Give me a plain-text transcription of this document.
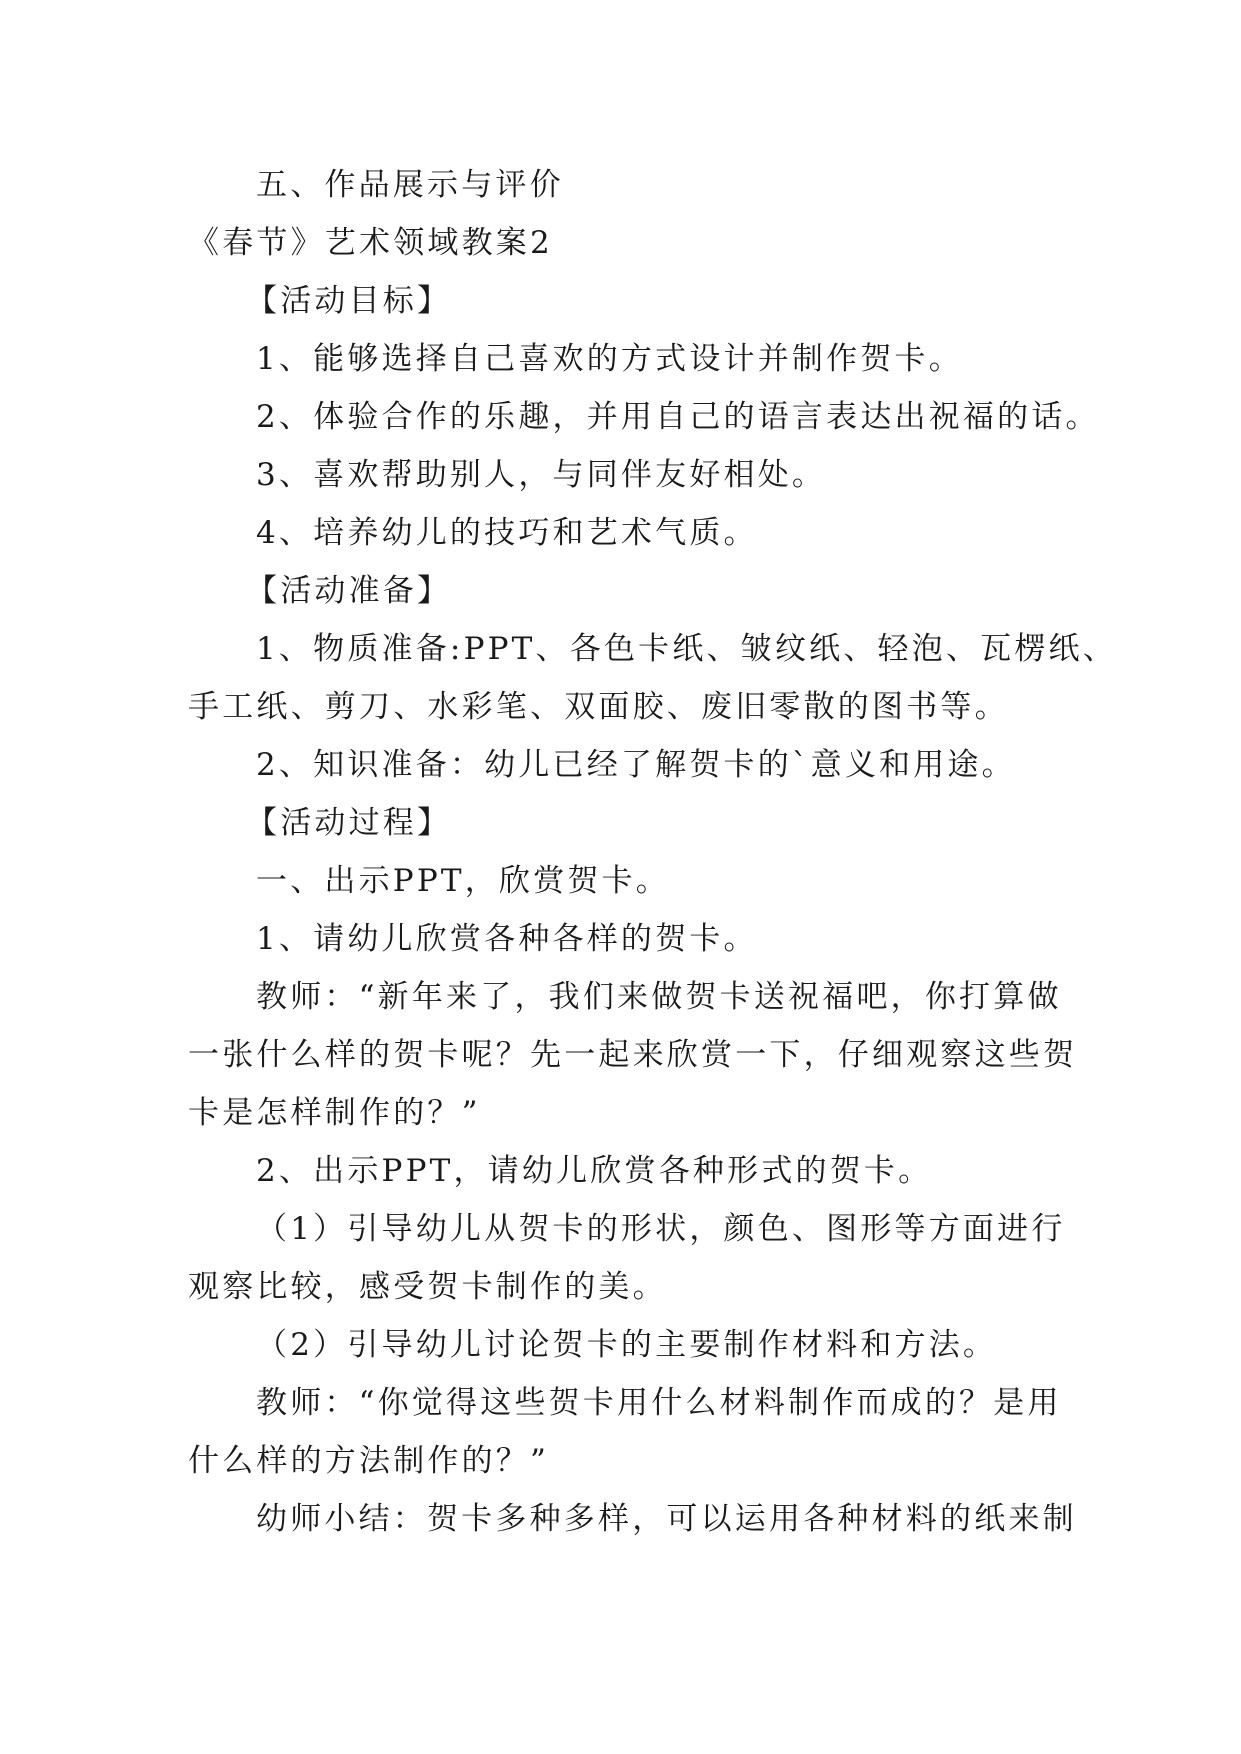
五、作品展示与评价
《春节》艺术领域教案2
【活动目标】
1、能够选择自己喜欢的方式设计并制作贺卡。
2、体验合作的乐趣，并用自己的语言表达出祝福的话。
3、喜欢帮助别人，与同伴友好相处。
4、培养幼儿的技巧和艺术气质。
【活动准备】
1、物质准备:PPT、各色卡纸、皱纹纸、轻泡、瓦楞纸、
手工纸、剪刀、水彩笔、双面胶、废旧零散的图书等。
2、知识准备：幼儿已经了解贺卡的`意义和用途。
【活动过程】
一、出示PPT，欣赏贺卡。
1、请幼儿欣赏各种各样的贺卡。
教师：“新年来了，我们来做贺卡送祝福吧，你打算做
一张什么样的贺卡呢？先一起来欣赏一下，仔细观察这些贺
卡是怎样制作的？”
2、出示PPT，请幼儿欣赏各种形式的贺卡。
（1）引导幼儿从贺卡的形状，颜色、图形等方面进行
观察比较，感受贺卡制作的美。
（2）引导幼儿讨论贺卡的主要制作材料和方法。
教师：“你觉得这些贺卡用什么材料制作而成的？是用
什么样的方法制作的？”
幼师小结：贺卡多种多样，可以运用各种材料的纸来制
